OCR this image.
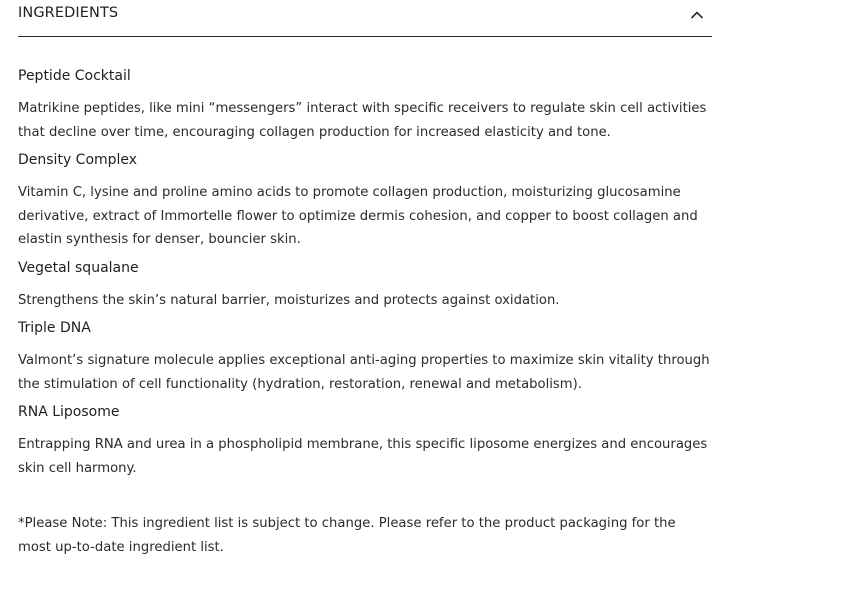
INGREDIENTS

Peptide Cocktail

Matrikine peptides, like mini “messengers” interact with specific receivers to regulate skin cell activities that decline over time, encouraging collagen production for increased elasticity and tone.

Density Complex

Vitamin C, lysine and proline amino acids to promote collagen production, moisturizing glucosamine derivative, extract of Immortelle flower to optimize dermis cohesion, and copper to boost collagen and elastin synthesis for denser, bouncier skin.

Vegetal squalane

Strengthens the skin’s natural barrier, moisturizes and protects against oxidation.

Triple DNA

Valmont’s signature molecule applies exceptional anti-aging properties to maximize skin vitality through the stimulation of cell functionality (hydration, restoration, renewal and metabolism).

RNA Liposome

Entrapping RNA and urea in a phospholipid membrane, this specific liposome energizes and encourages skin cell harmony.

*Please Note: This ingredient list is subject to change. Please refer to the product packaging for the most up-to-date ingredient list.
